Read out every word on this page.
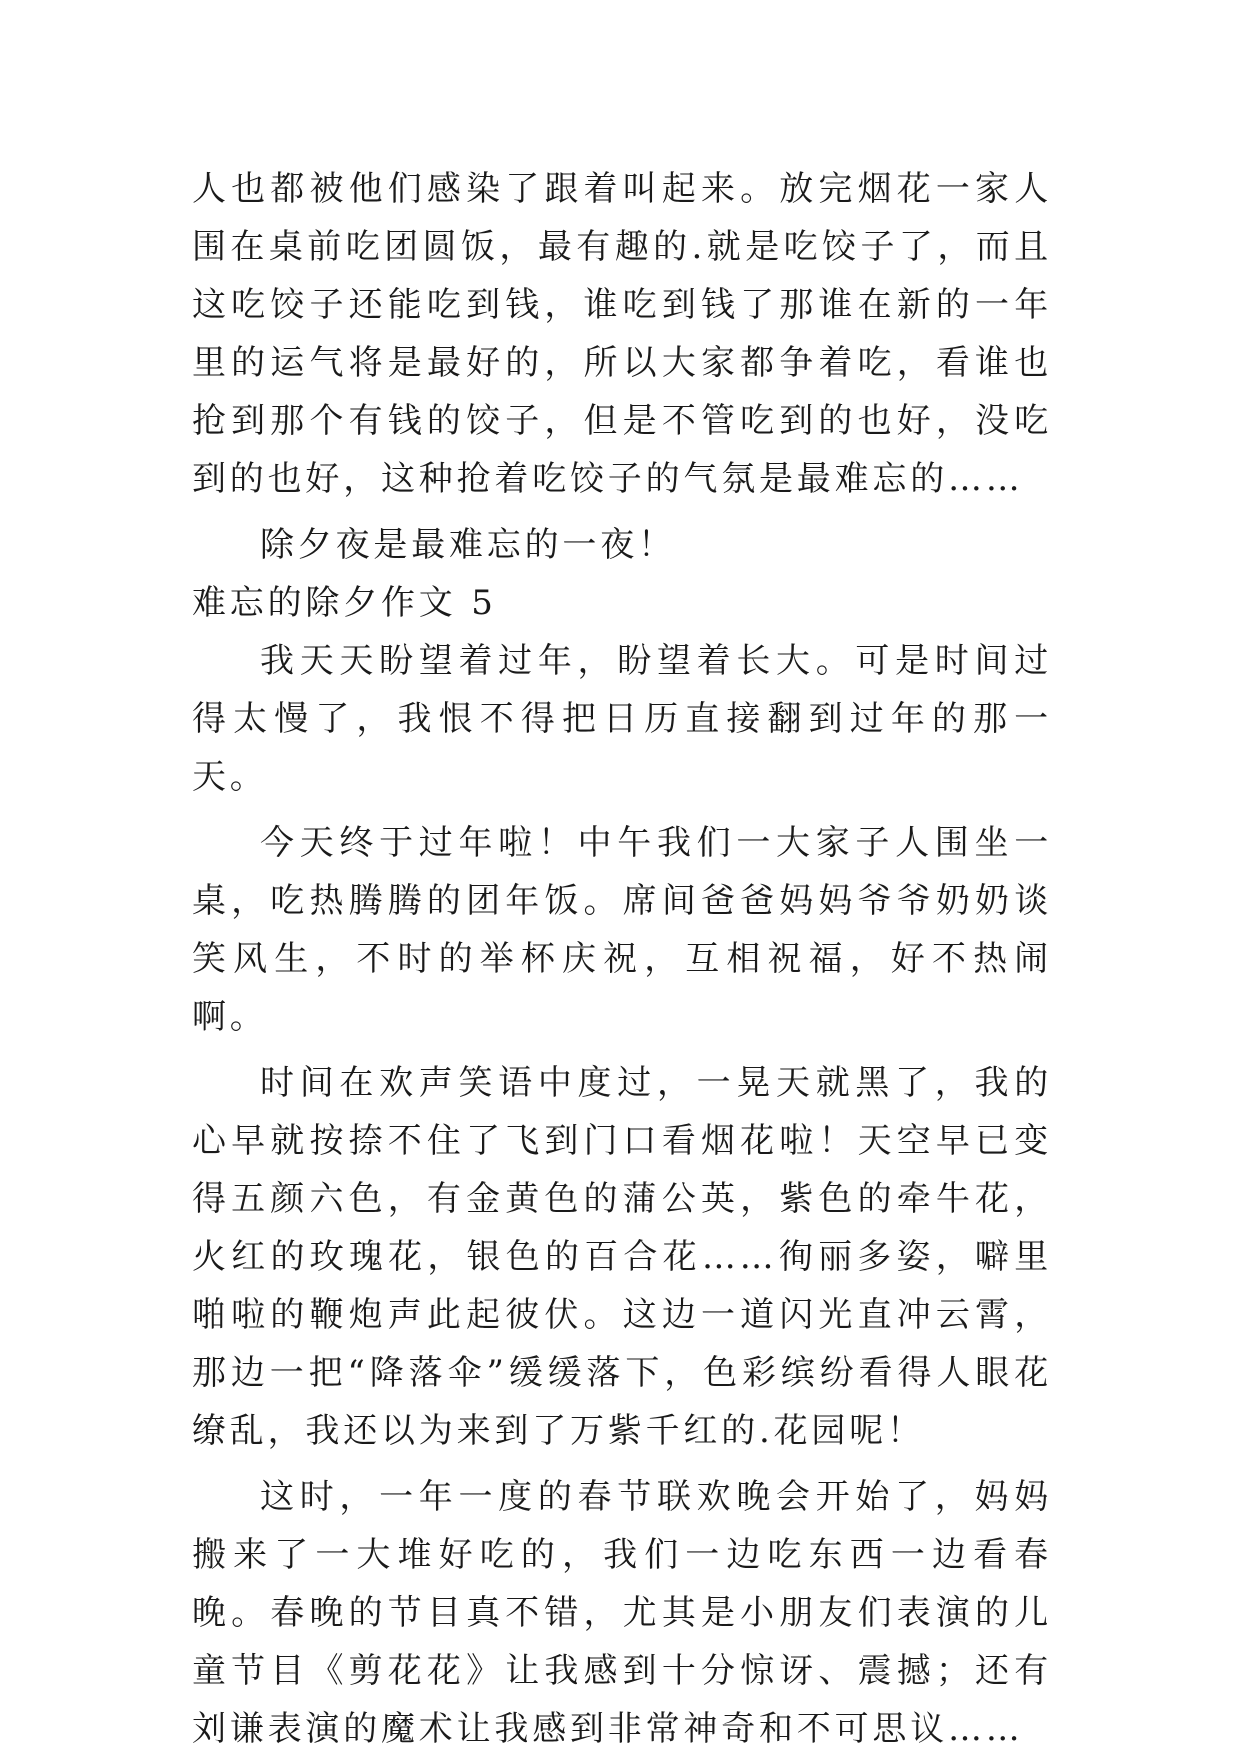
人也都被他们感染了跟着叫起来。放完烟花一家人围在桌前吃团圆饭，最有趣的.就是吃饺子了，而且这吃饺子还能吃到钱，谁吃到钱了那谁在新的一年里的运气将是最好的，所以大家都争着吃，看谁也抢到那个有钱的饺子，但是不管吃到的也好，没吃到的也好，这种抢着吃饺子的气氛是最难忘的……

除夕夜是最难忘的一夜！

难忘的除夕作文 5

我天天盼望着过年，盼望着长大。可是时间过得太慢了，我恨不得把日历直接翻到过年的那一天。

今天终于过年啦！中午我们一大家子人围坐一桌，吃热腾腾的团年饭。席间爸爸妈妈爷爷奶奶谈笑风生，不时的举杯庆祝，互相祝福，好不热闹啊。

时间在欢声笑语中度过，一晃天就黑了，我的心早就按捺不住了飞到门口看烟花啦！天空早已变得五颜六色，有金黄色的蒲公英，紫色的牵牛花，火红的玫瑰花，银色的百合花……徇丽多姿，噼里啪啦的鞭炮声此起彼伏。这边一道闪光直冲云霄，那边一把“降落伞”缓缓落下，色彩缤纷看得人眼花缭乱，我还以为来到了万紫千红的.花园呢！

这时，一年一度的春节联欢晚会开始了，妈妈搬来了一大堆好吃的，我们一边吃东西一边看春晚。春晚的节目真不错，尤其是小朋友们表演的儿童节目《剪花花》让我感到十分惊讶、震撼；还有刘谦表演的魔术让我感到非常神奇和不可思议……
